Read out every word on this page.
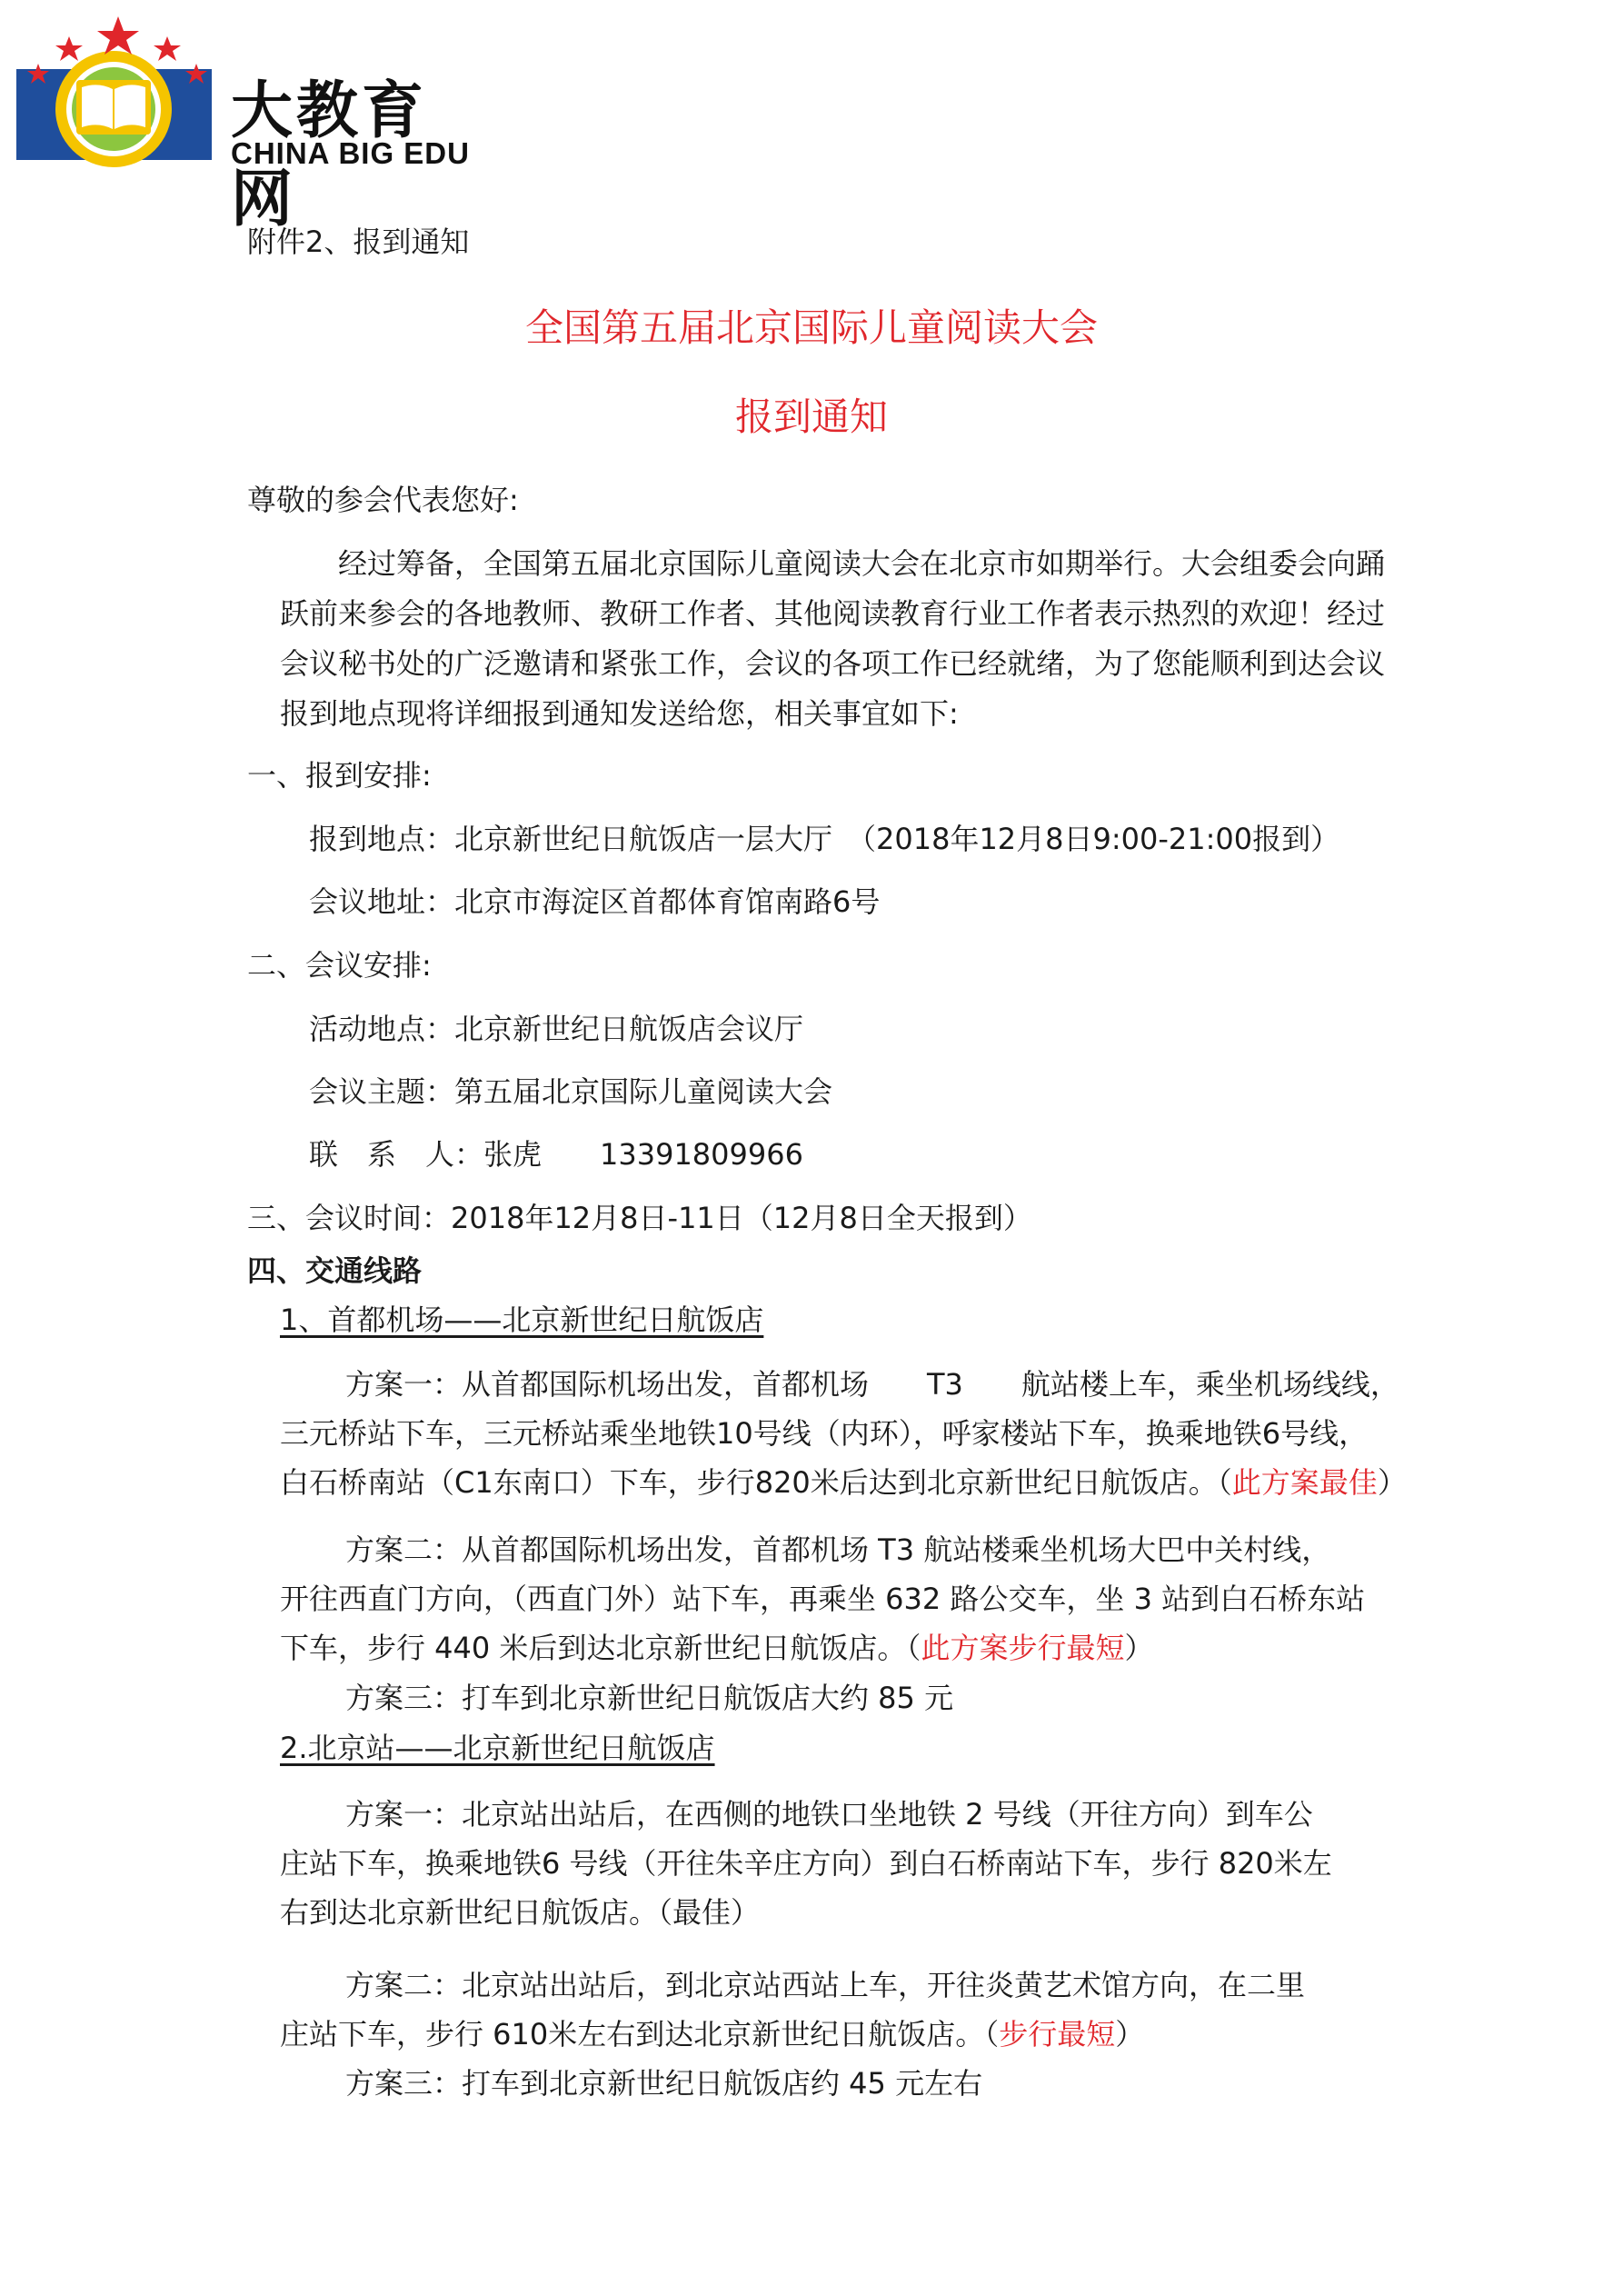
大教育网
CHINA BIG EDU
附件2、报到通知
全国第五届北京国际儿童阅读大会
报到通知
尊敬的参会代表您好:
经过筹备，全国第五届北京国际儿童阅读大会在北京市如期举行。大会组委会向踊
跃前来参会的各地教师、教研工作者、其他阅读教育行业工作者表示热烈的欢迎！经过
会议秘书处的广泛邀请和紧张工作，会议的各项工作已经就绪，为了您能顺利到达会议
报到地点现将详细报到通知发送给您，相关事宜如下:
一、报到安排:
报到地点：北京新世纪日航饭店一层大厅　（2018年12月8日9:00-21:00报到）
会议地址：北京市海淀区首都体育馆南路6号
二、会议安排:
活动地点：北京新世纪日航饭店会议厅
会议主题：第五届北京国际儿童阅读大会
联　系　人：张虎　　13391809966
三、会议时间：2018年12月8日-11日（12月8日全天报到）
四、交通线路
1、首都机场——北京新世纪日航饭店
方案一：从首都国际机场出发，首都机场　　T3　　航站楼上车，乘坐机场线线，
三元桥站下车，三元桥站乘坐地铁10号线（内环），呼家楼站下车，换乘地铁6号线，
白石桥南站（C1东南口）下车，步行820米后达到北京新世纪日航饭店。（此方案最佳）
方案二：从首都国际机场出发，首都机场 T3 航站楼乘坐机场大巴中关村线，
开往西直门方向，（西直门外）站下车，再乘坐 632 路公交车，坐 3 站到白石桥东站
下车，步行 440 米后到达北京新世纪日航饭店。（此方案步行最短）
方案三：打车到北京新世纪日航饭店大约 85 元
2.北京站——北京新世纪日航饭店
方案一：北京站出站后，在西侧的地铁口坐地铁 2 号线（开往方向）到车公
庄站下车，换乘地铁6 号线（开往朱辛庄方向）到白石桥南站下车，步行 820米左
右到达北京新世纪日航饭店。（最佳）
方案二：北京站出站后，到北京站西站上车，开往炎黄艺术馆方向，在二里
庄站下车，步行 610米左右到达北京新世纪日航饭店。（步行最短）
方案三：打车到北京新世纪日航饭店约 45 元左右
